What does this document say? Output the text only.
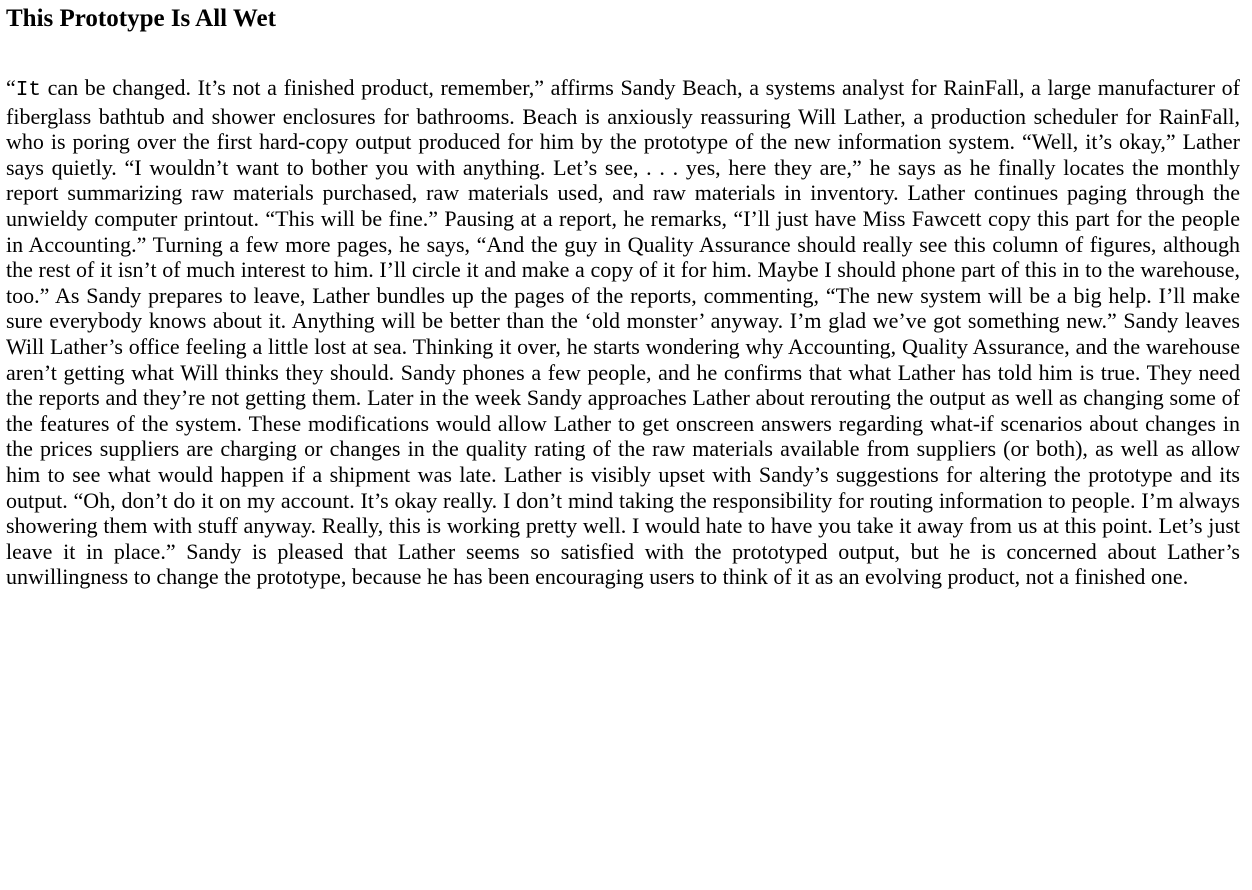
This Prototype Is All Wet

“It can be changed. It’s not a finished product, remember,” affirms Sandy Beach, a systems analyst for RainFall, a large manufacturer of fiberglass bathtub and shower enclosures for bathrooms. Beach is anxiously reassuring Will Lather, a production scheduler for RainFall, who is poring over the first hard-copy output produced for him by the prototype of the new information system. “Well, it’s okay,” Lather says quietly. “I wouldn’t want to bother you with anything. Let’s see, . . . yes, here they are,” he says as he finally locates the monthly report summarizing raw materials purchased, raw materials used, and raw materials in inventory. Lather continues paging through the unwieldy computer printout. “This will be fine.” Pausing at a report, he remarks, “I’ll just have Miss Fawcett copy this part for the people in Accounting.” Turning a few more pages, he says, “And the guy in Quality Assurance should really see this column of figures, although the rest of it isn’t of much interest to him. I’ll circle it and make a copy of it for him. Maybe I should phone part of this in to the warehouse, too.” As Sandy prepares to leave, Lather bundles up the pages of the reports, commenting, “The new system will be a big help. I’ll make sure everybody knows about it. Anything will be better than the ‘old monster’ anyway. I’m glad we’ve got something new.” Sandy leaves Will Lather’s office feeling a little lost at sea. Thinking it over, he starts wondering why Accounting, Quality Assurance, and the warehouse aren’t getting what Will thinks they should. Sandy phones a few people, and he confirms that what Lather has told him is true. They need the reports and they’re not getting them. Later in the week Sandy approaches Lather about rerouting the output as well as changing some of the features of the system. These modifications would allow Lather to get onscreen answers regarding what-if scenarios about changes in the prices suppliers are charging or changes in the quality rating of the raw materials available from suppliers (or both), as well as allow him to see what would happen if a shipment was late. Lather is visibly upset with Sandy’s suggestions for altering the prototype and its output. “Oh, don’t do it on my account. It’s okay really. I don’t mind taking the responsibility for routing information to people. I’m always showering them with stuff anyway. Really, this is working pretty well. I would hate to have you take it away from us at this point. Let’s just leave it in place.” Sandy is pleased that Lather seems so satisfied with the prototyped output, but he is concerned about Lather’s unwillingness to change the prototype, because he has been encouraging users to think of it as an evolving product, not a finished one.
